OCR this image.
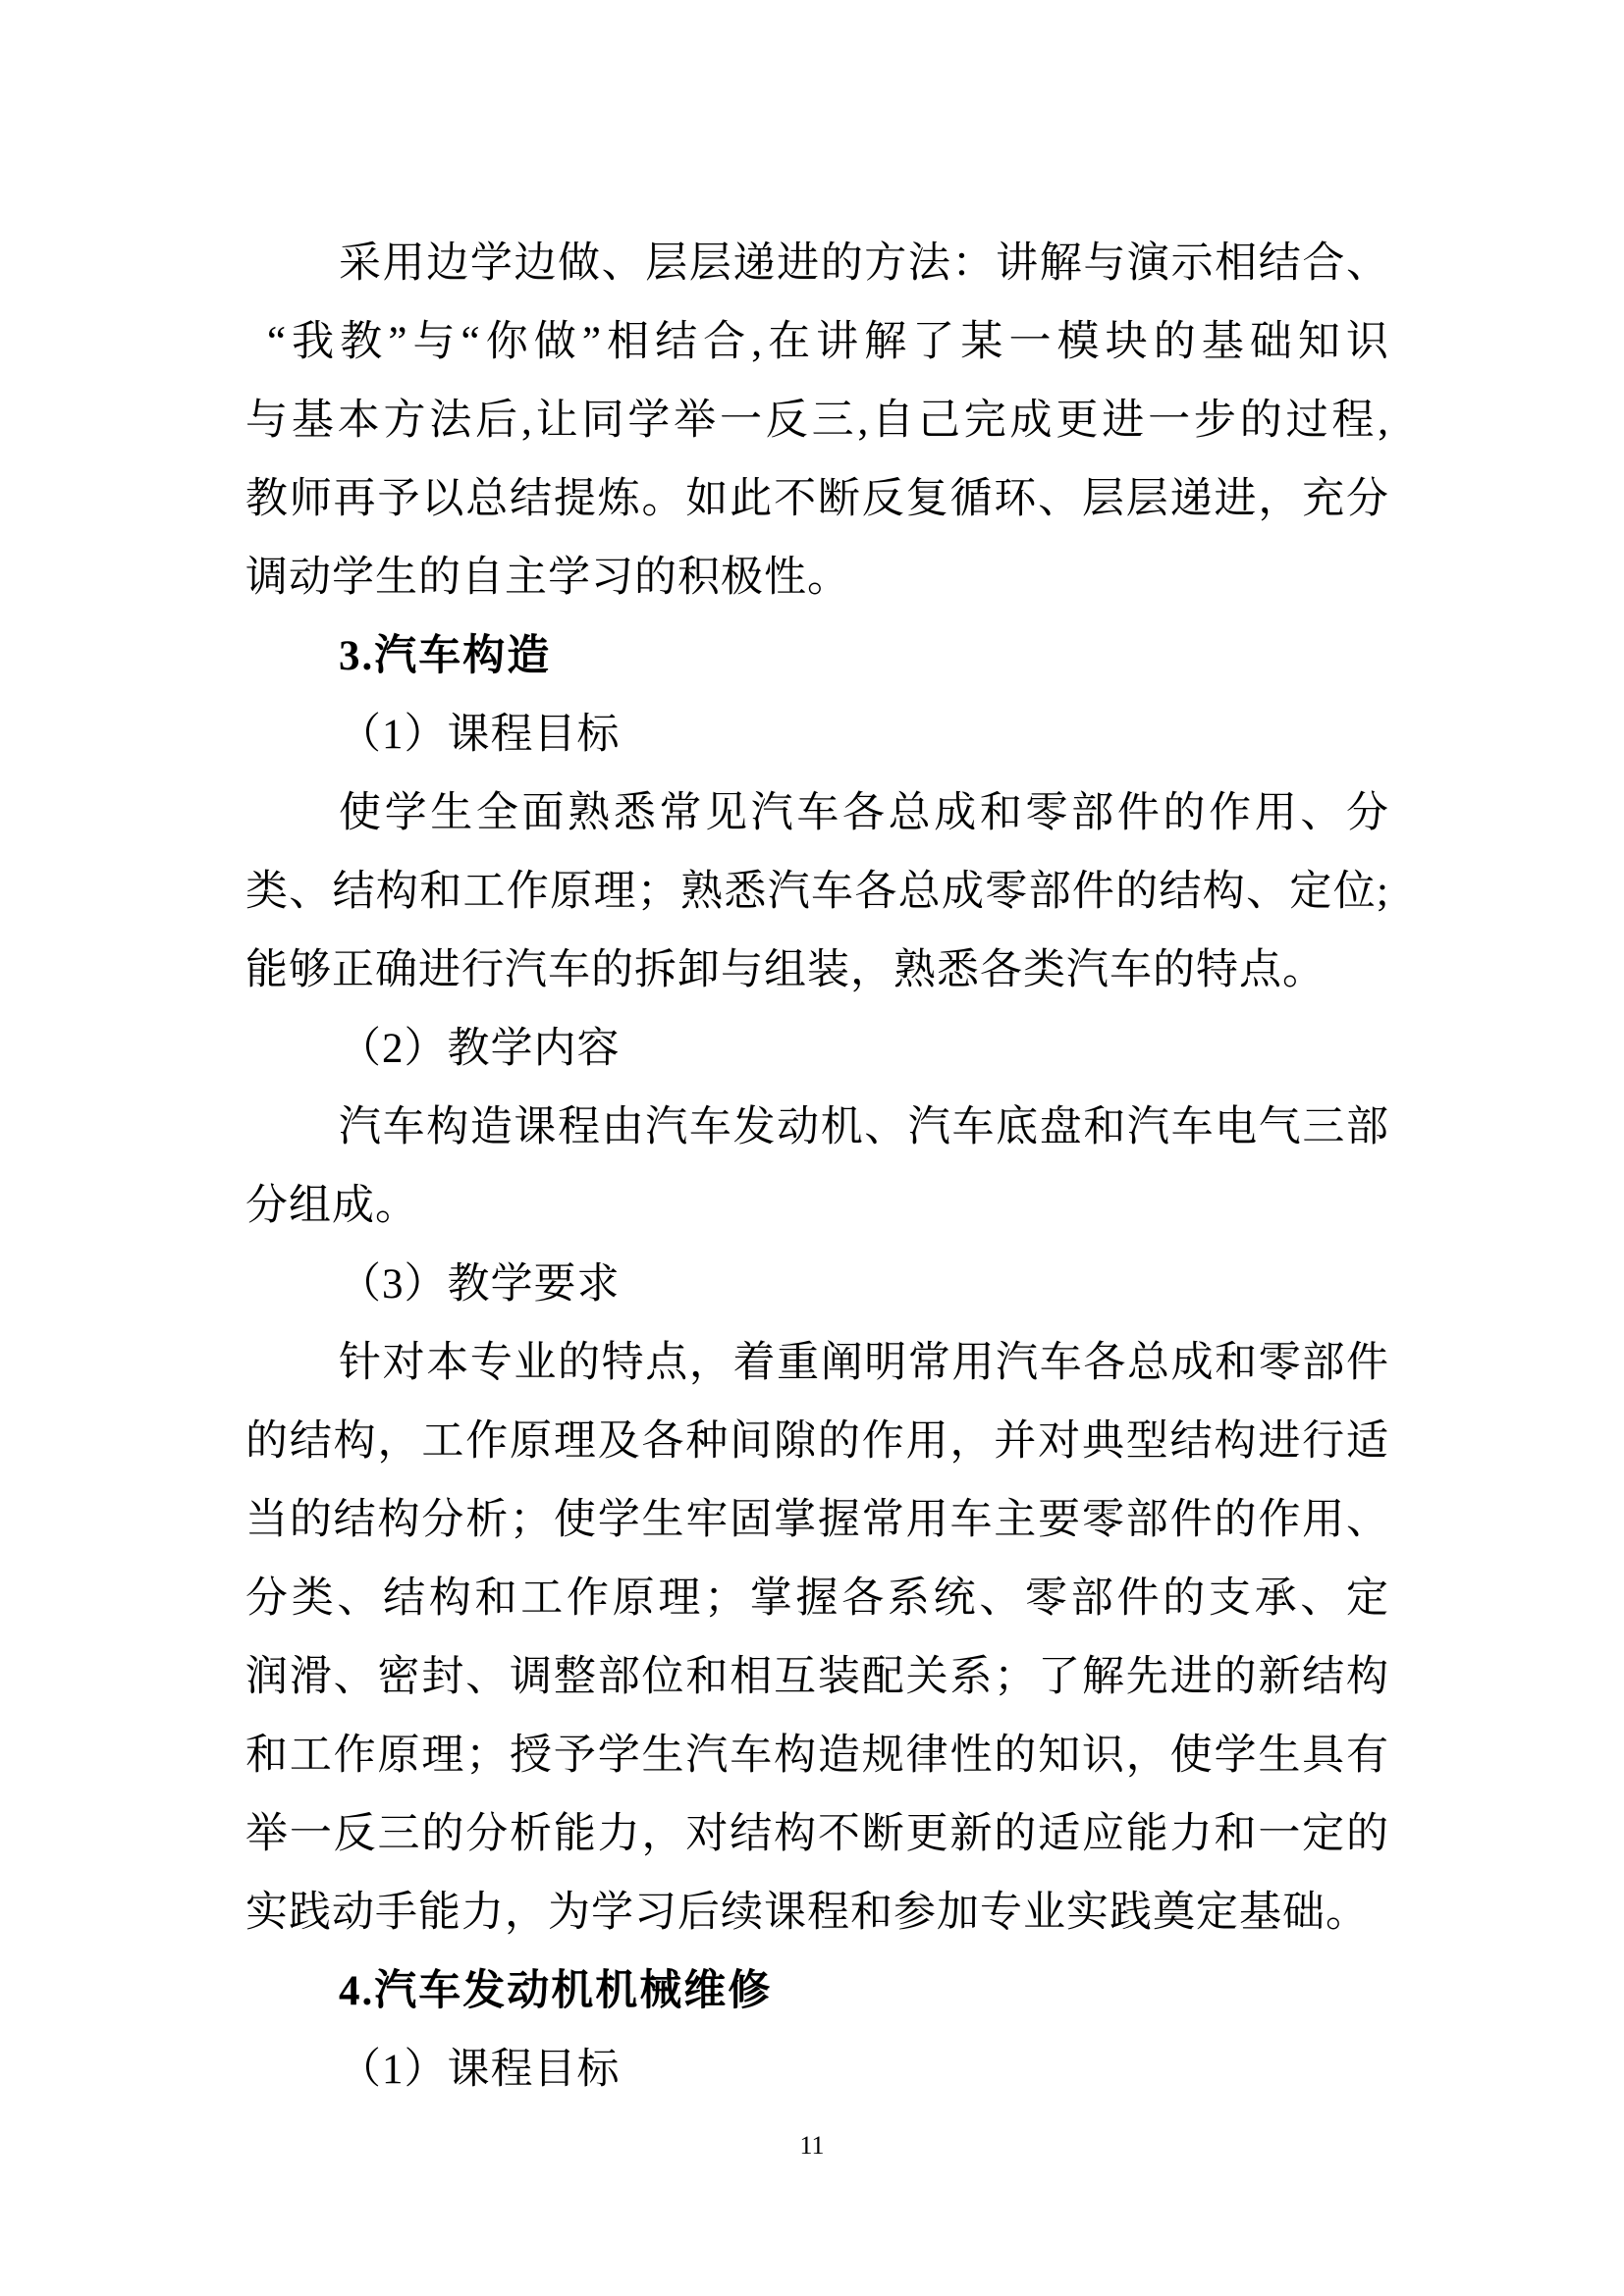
采用边学边做、层层递进的方法：讲解与演示相结合、
“我教”与“你做”相结合,在讲解了某一模块的基础知识
与基本方法后,让同学举一反三,自己完成更进一步的过程,
教师再予以总结提炼。如此不断反复循环、层层递进，充分
调动学生的自主学习的积极性。
3.汽车构造
（1）课程目标
使学生全面熟悉常见汽车各总成和零部件的作用、分
类、结构和工作原理；熟悉汽车各总成零部件的结构、定位;
能够正确进行汽车的拆卸与组装，熟悉各类汽车的特点。
（2）教学内容
汽车构造课程由汽车发动机、汽车底盘和汽车电气三部
分组成。
（3）教学要求
针对本专业的特点，着重阐明常用汽车各总成和零部件
的结构，工作原理及各种间隙的作用，并对典型结构进行适
当的结构分析；使学生牢固掌握常用车主要零部件的作用、
分类、结构和工作原理；掌握各系统、零部件的支承、定
润滑、密封、调整部位和相互装配关系；了解先进的新结构
和工作原理；授予学生汽车构造规律性的知识，使学生具有
举一反三的分析能力，对结构不断更新的适应能力和一定的
实践动手能力，为学习后续课程和参加专业实践奠定基础。
4.汽车发动机机械维修
（1）课程目标
11
